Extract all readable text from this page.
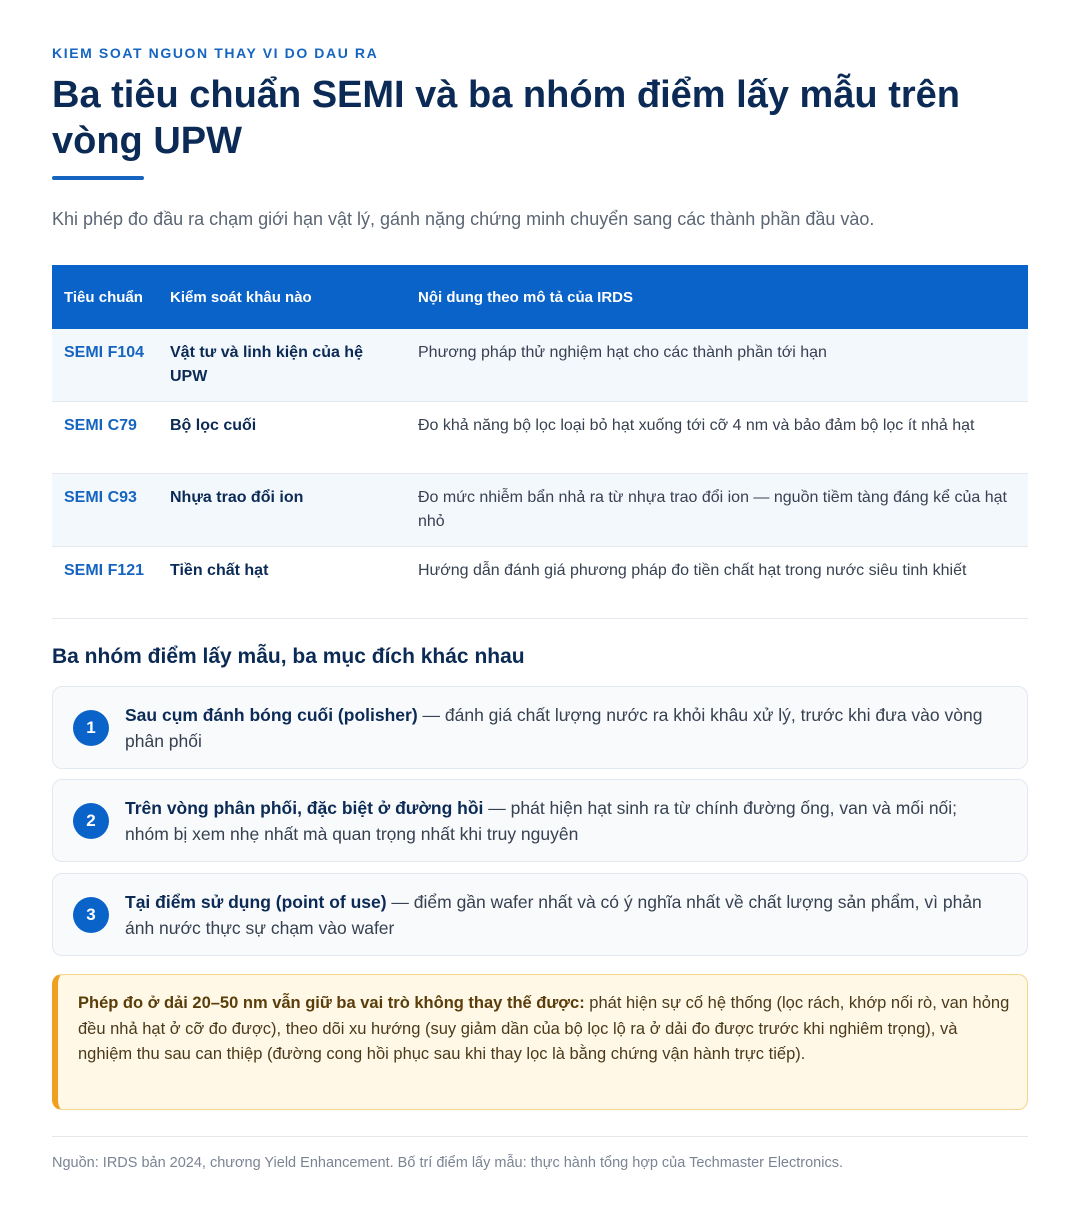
KIEM SOAT NGUON THAY VI DO DAU RA
Ba tiêu chuẩn SEMI và ba nhóm điểm lấy mẫu trên vòng UPW

Khi phép đo đầu ra chạm giới hạn vật lý, gánh nặng chứng minh chuyển sang các thành phần đầu vào.

Tiêu chuẩn	Kiểm soát khâu nào	Nội dung theo mô tả của IRDS
SEMI F104	Vật tư và linh kiện của hệ UPW	Phương pháp thử nghiệm hạt cho các thành phần tới hạn
SEMI C79	Bộ lọc cuối	Đo khả năng bộ lọc loại bỏ hạt xuống tới cỡ 4 nm và bảo đảm bộ lọc ít nhả hạt
SEMI C93	Nhựa trao đổi ion	Đo mức nhiễm bẩn nhả ra từ nhựa trao đổi ion — nguồn tiềm tàng đáng kể của hạt nhỏ
SEMI F121	Tiền chất hạt	Hướng dẫn đánh giá phương pháp đo tiền chất hạt trong nước siêu tinh khiết
Ba nhóm điểm lấy mẫu, ba mục đích khác nhau
1
Sau cụm đánh bóng cuối (polisher) — đánh giá chất lượng nước ra khỏi khâu xử lý, trước khi đưa vào vòng phân phối
2
Trên vòng phân phối, đặc biệt ở đường hồi — phát hiện hạt sinh ra từ chính đường ống, van và mối nối; nhóm bị xem nhẹ nhất mà quan trọng nhất khi truy nguyên
3
Tại điểm sử dụng (point of use) — điểm gần wafer nhất và có ý nghĩa nhất về chất lượng sản phẩm, vì phản ánh nước thực sự chạm vào wafer
Phép đo ở dải 20–50 nm vẫn giữ ba vai trò không thay thế được: phát hiện sự cố hệ thống (lọc rách, khớp nối rò, van hỏng đều nhả hạt ở cỡ đo được), theo dõi xu hướng (suy giảm dần của bộ lọc lộ ra ở dải đo được trước khi nghiêm trọng), và nghiệm thu sau can thiệp (đường cong hồi phục sau khi thay lọc là bằng chứng vận hành trực tiếp).

Nguồn: IRDS bản 2024, chương Yield Enhancement. Bố trí điểm lấy mẫu: thực hành tổng hợp của Techmaster Electronics.
